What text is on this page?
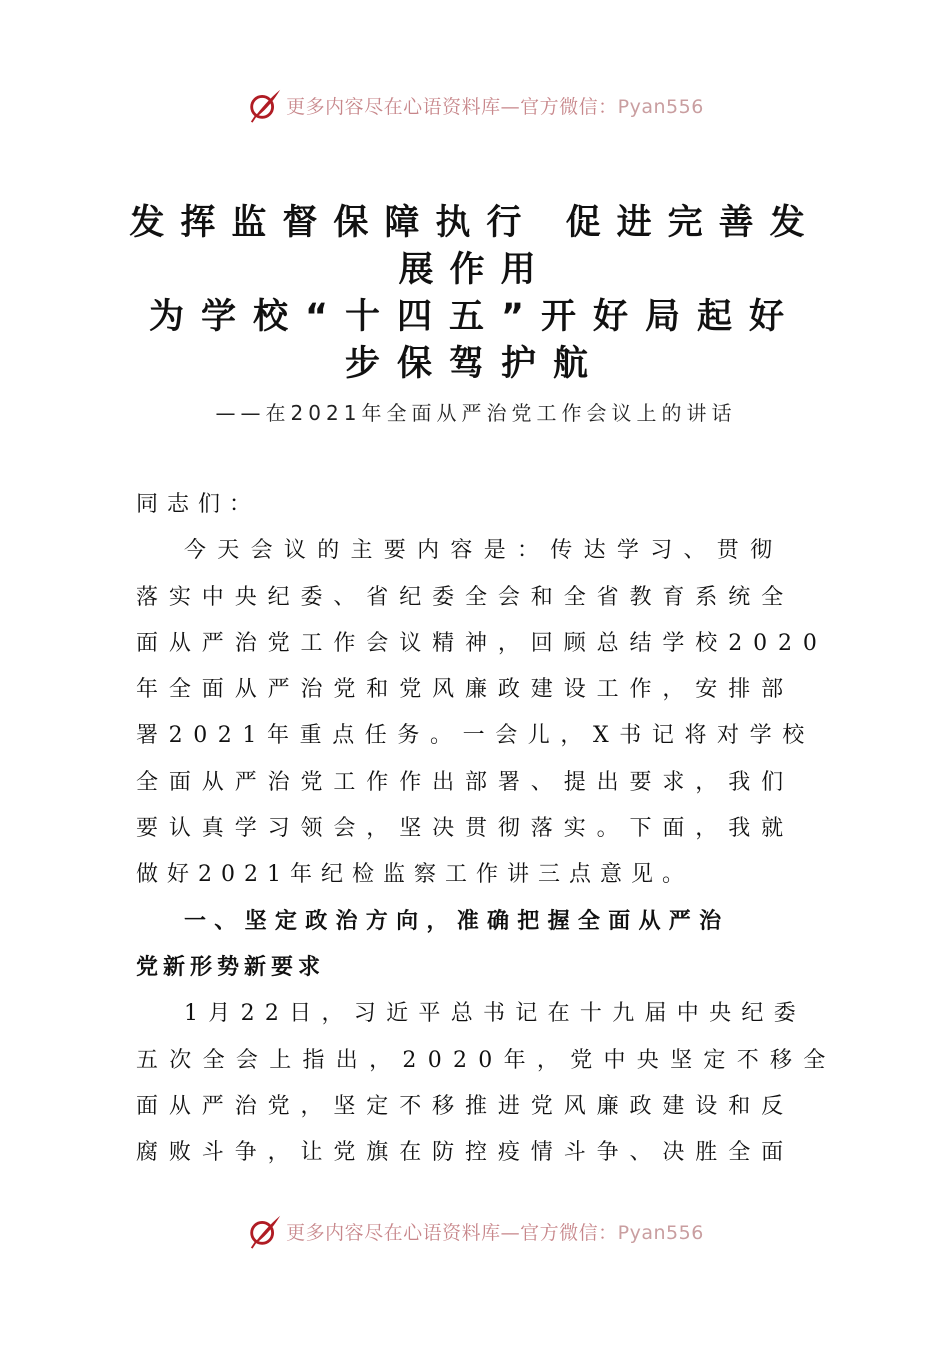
更多内容尽在心语资料库—官方微信：Pyan556
发挥监督保障执行 促进完善发
展作用
为学校“十四五”开好局起好
步保驾护航
——在2021年全面从严治党工作会议上的讲话
同志们：
今天会议的主要内容是：传达学习、贯彻
落实中央纪委、省纪委全会和全省教育系统全
面从严治党工作会议精神，回顾总结学校2020
年全面从严治党和党风廉政建设工作，安排部
署2021年重点任务。一会儿，X书记将对学校
全面从严治党工作作出部署、提出要求，我们
要认真学习领会，坚决贯彻落实。下面，我就
做好2021年纪检监察工作讲三点意见。
一、坚定政治方向，准确把握全面从严治
党新形势新要求
1月22日，习近平总书记在十九届中央纪委
五次全会上指出，2020年，党中央坚定不移全
面从严治党，坚定不移推进党风廉政建设和反
腐败斗争，让党旗在防控疫情斗争、决胜全面
更多内容尽在心语资料库—官方微信：Pyan556
